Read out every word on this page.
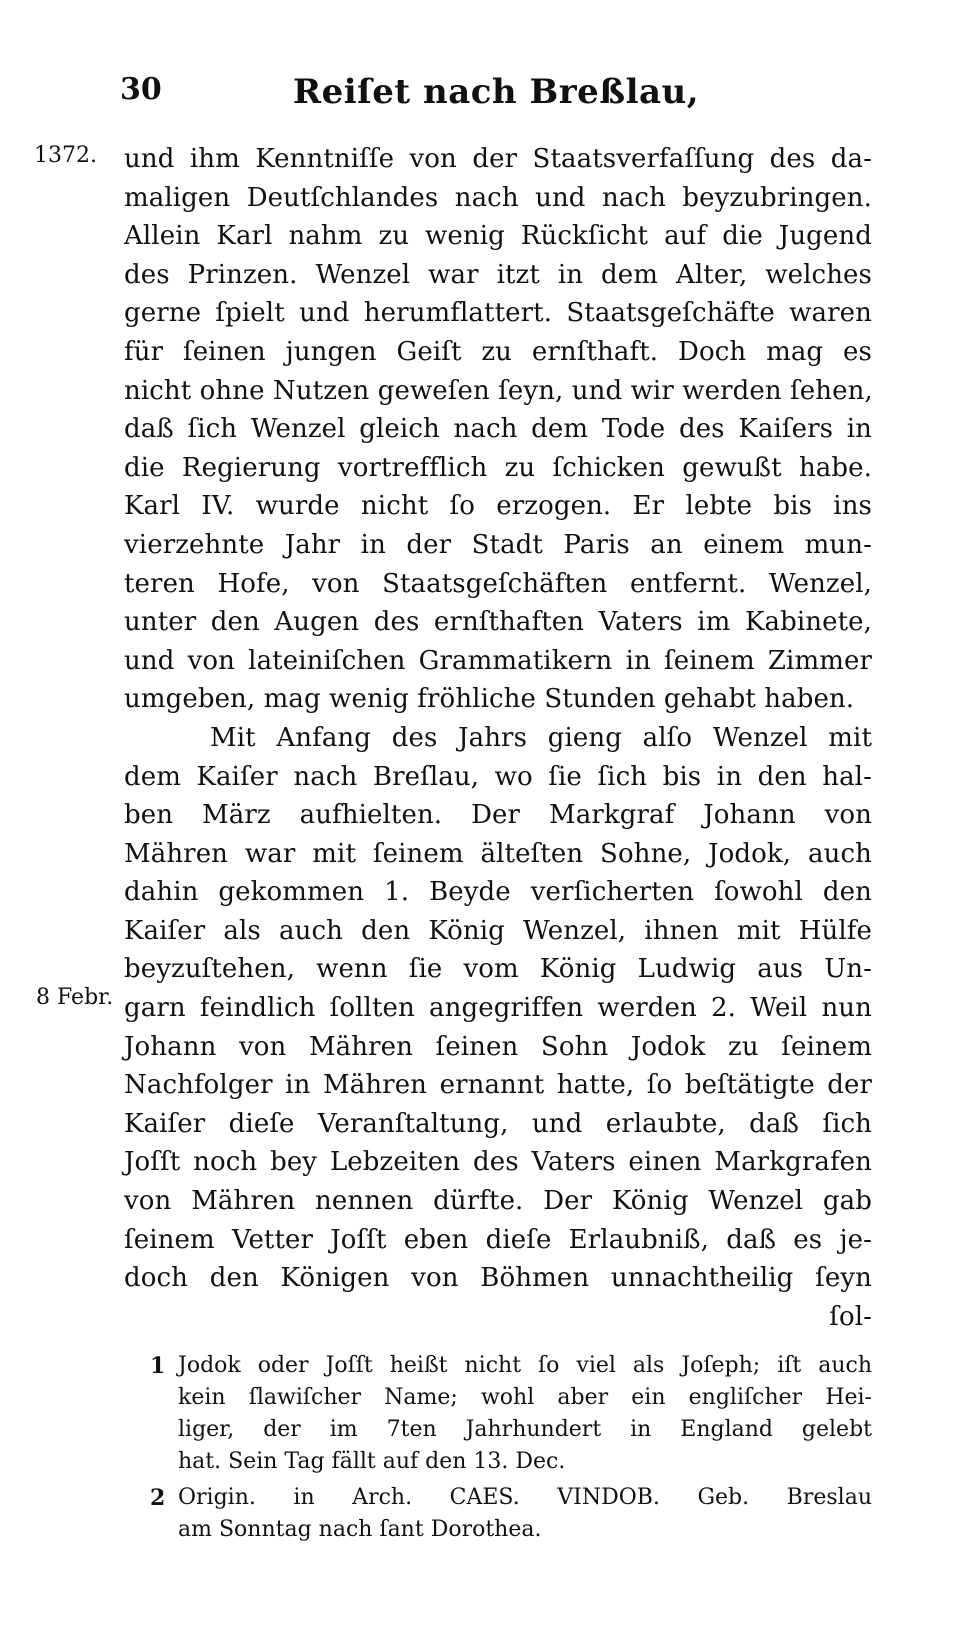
30	Reiſet nach Breßlau,
1372.
8 Febr.
und ihm Kenntniſſe von der Staatsverfaſſung des da-
maligen Deutſchlandes nach und nach beyzubringen.
Allein Karl nahm zu wenig Rückſicht auf die Jugend
des Prinzen. Wenzel war itzt in dem Alter, welches
gerne ſpielt und herumflattert. Staatsgeſchäfte waren
für ſeinen jungen Geiſt zu ernſthaft. Doch mag es
nicht ohne Nutzen geweſen ſeyn, und wir werden ſehen,
daß ſich Wenzel gleich nach dem Tode des Kaiſers in
die Regierung vortrefflich zu ſchicken gewußt habe.
Karl IV. wurde nicht ſo erzogen. Er lebte bis ins
vierzehnte Jahr in der Stadt Paris an einem mun-
teren Hofe, von Staatsgeſchäften entfernt. Wenzel,
unter den Augen des ernſthaften Vaters im Kabinete,
und von lateiniſchen Grammatikern in ſeinem Zimmer
umgeben, mag wenig fröhliche Stunden gehabt haben.
Mit Anfang des Jahrs gieng alſo Wenzel mit
dem Kaiſer nach Breſlau, wo ſie ſich bis in den hal-
ben März aufhielten. Der Markgraf Johann von
Mähren war mit ſeinem älteſten Sohne, Jodok, auch
dahin gekommen 1. Beyde verſicherten ſowohl den
Kaiſer als auch den König Wenzel, ihnen mit Hülfe
beyzuſtehen, wenn ſie vom König Ludwig aus Un-
garn feindlich ſollten angegriffen werden 2. Weil nun
Johann von Mähren ſeinen Sohn Jodok zu ſeinem
Nachfolger in Mähren ernannt hatte, ſo beſtätigte der
Kaiſer dieſe Veranſtaltung, und erlaubte, daß ſich
Joſſt noch bey Lebzeiten des Vaters einen Markgrafen
von Mähren nennen dürfte. Der König Wenzel gab
ſeinem Vetter Joſſt eben dieſe Erlaubniß, daß es je-
doch den Königen von Böhmen unnachtheilig ſeyn
ſol-
1 Jodok oder Joſſt heißt nicht ſo viel als Joſeph; iſt auch
kein ſlawiſcher Name; wohl aber ein engliſcher Hei-
liger, der im 7ten Jahrhundert in England gelebt
hat. Sein Tag fällt auf den 13. Dec.
2 Origin. in Arch. CAES. VINDOB. Geb. Breslau
am Sonntag nach ſant Dorothea.
